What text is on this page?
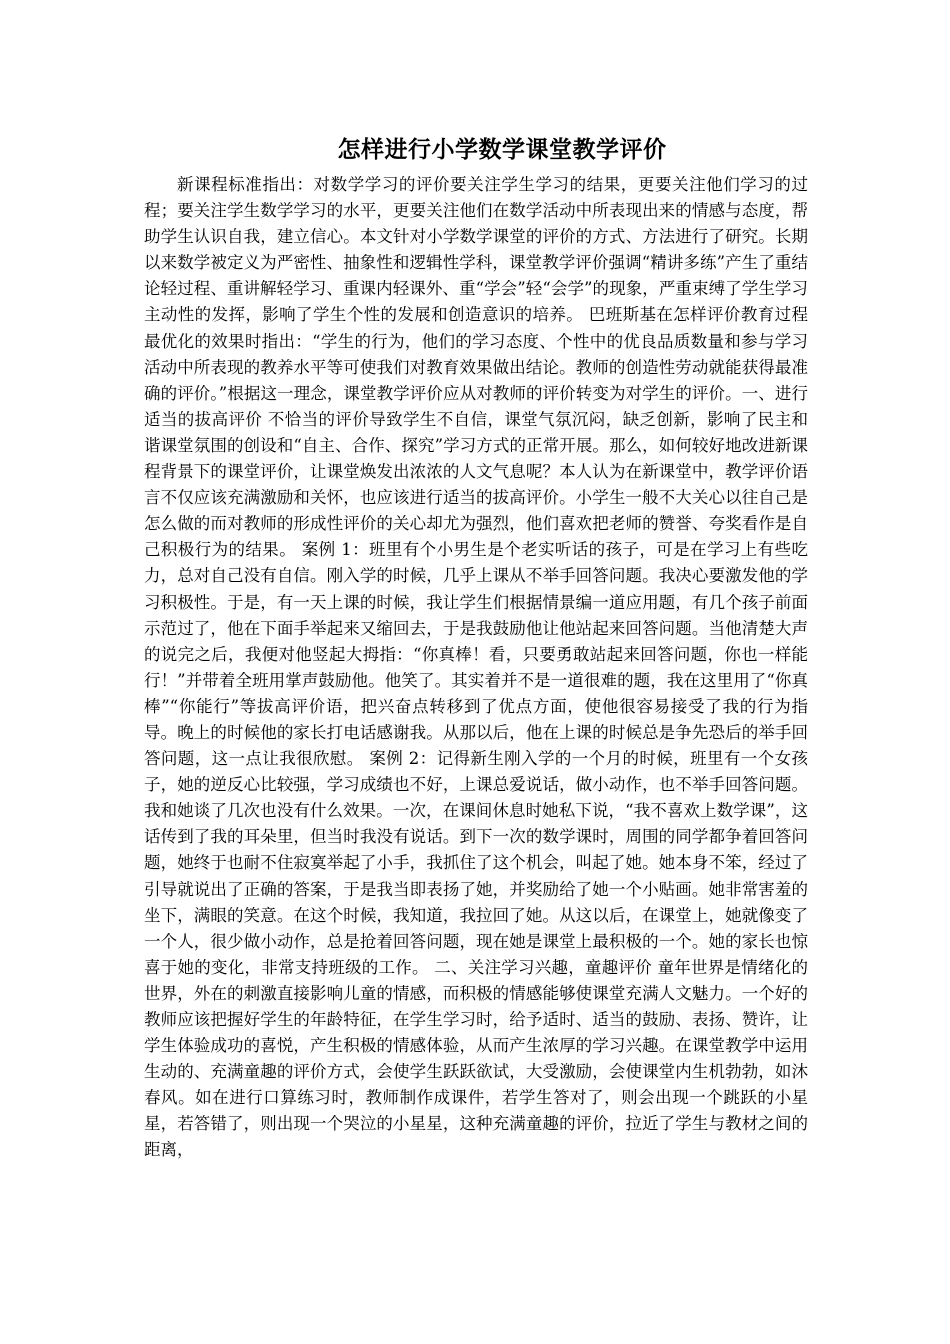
怎样进行小学数学课堂教学评价

新课程标准指出：对数学学习的评价要关注学生学习的结果，更要关注他们学习的过程；要关注学生数学学习的水平，更要关注他们在数学活动中所表现出来的情感与态度，帮助学生认识自我，建立信心。本文针对小学数学课堂的评价的方式、方法进行了研究。长期以来数学被定义为严密性、抽象性和逻辑性学科，课堂教学评价强调“精讲多练”产生了重结论轻过程、重讲解轻学习、重课内轻课外、重“学会”轻“会学”的现象，严重束缚了学生学习主动性的发挥，影响了学生个性的发展和创造意识的培养。 巴班斯基在怎样评价教育过程最优化的效果时指出：“学生的行为，他们的学习态度、个性中的优良品质数量和参与学习活动中所表现的教养水平等可使我们对教育效果做出结论。教师的创造性劳动就能获得最准确的评价。”根据这一理念，课堂教学评价应从对教师的评价转变为对学生的评价。一、进行适当的拔高评价 不恰当的评价导致学生不自信，课堂气氛沉闷，缺乏创新，影响了民主和谐课堂氛围的创设和“自主、合作、探究”学习方式的正常开展。那么，如何较好地改进新课程背景下的课堂评价，让课堂焕发出浓浓的人文气息呢？本人认为在新课堂中，教学评价语言不仅应该充满激励和关怀，也应该进行适当的拔高评价。小学生一般不大关心以往自己是怎么做的而对教师的形成性评价的关心却尤为强烈，他们喜欢把老师的赞誉、夸奖看作是自己积极行为的结果。 案例 1：班里有个小男生是个老实听话的孩子，可是在学习上有些吃力，总对自己没有自信。刚入学的时候，几乎上课从不举手回答问题。我决心要激发他的学习积极性。于是，有一天上课的时候，我让学生们根据情景编一道应用题，有几个孩子前面示范过了，他在下面手举起来又缩回去，于是我鼓励他让他站起来回答问题。当他清楚大声的说完之后，我便对他竖起大拇指：“你真棒！看，只要勇敢站起来回答问题，你也一样能行！”并带着全班用掌声鼓励他。他笑了。其实着并不是一道很难的题，我在这里用了“你真棒”“你能行”等拔高评价语，把兴奋点转移到了优点方面，使他很容易接受了我的行为指导。晚上的时候他的家长打电话感谢我。从那以后，他在上课的时候总是争先恐后的举手回答问题，这一点让我很欣慰。 案例 2：记得新生刚入学的一个月的时候，班里有一个女孩子，她的逆反心比较强，学习成绩也不好，上课总爱说话，做小动作，也不举手回答问题。我和她谈了几次也没有什么效果。一次，在课间休息时她私下说，“我不喜欢上数学课”，这话传到了我的耳朵里，但当时我没有说话。到下一次的数学课时，周围的同学都争着回答问题，她终于也耐不住寂寞举起了小手，我抓住了这个机会，叫起了她。她本身不笨，经过了引导就说出了正确的答案，于是我当即表扬了她，并奖励给了她一个小贴画。她非常害羞的坐下，满眼的笑意。在这个时候，我知道，我拉回了她。从这以后，在课堂上，她就像变了一个人，很少做小动作，总是抢着回答问题，现在她是课堂上最积极的一个。她的家长也惊喜于她的变化，非常支持班级的工作。 二、关注学习兴趣，童趣评价 童年世界是情绪化的世界，外在的刺激直接影响儿童的情感，而积极的情感能够使课堂充满人文魅力。一个好的教师应该把握好学生的年龄特征，在学生学习时，给予适时、适当的鼓励、表扬、赞许，让学生体验成功的喜悦，产生积极的情感体验，从而产生浓厚的学习兴趣。在课堂教学中运用生动的、充满童趣的评价方式，会使学生跃跃欲试，大受激励，会使课堂内生机勃勃，如沐春风。如在进行口算练习时，教师制作成课件，若学生答对了，则会出现一个跳跃的小星星，若答错了，则出现一个哭泣的小星星，这种充满童趣的评价，拉近了学生与教材之间的距离，
